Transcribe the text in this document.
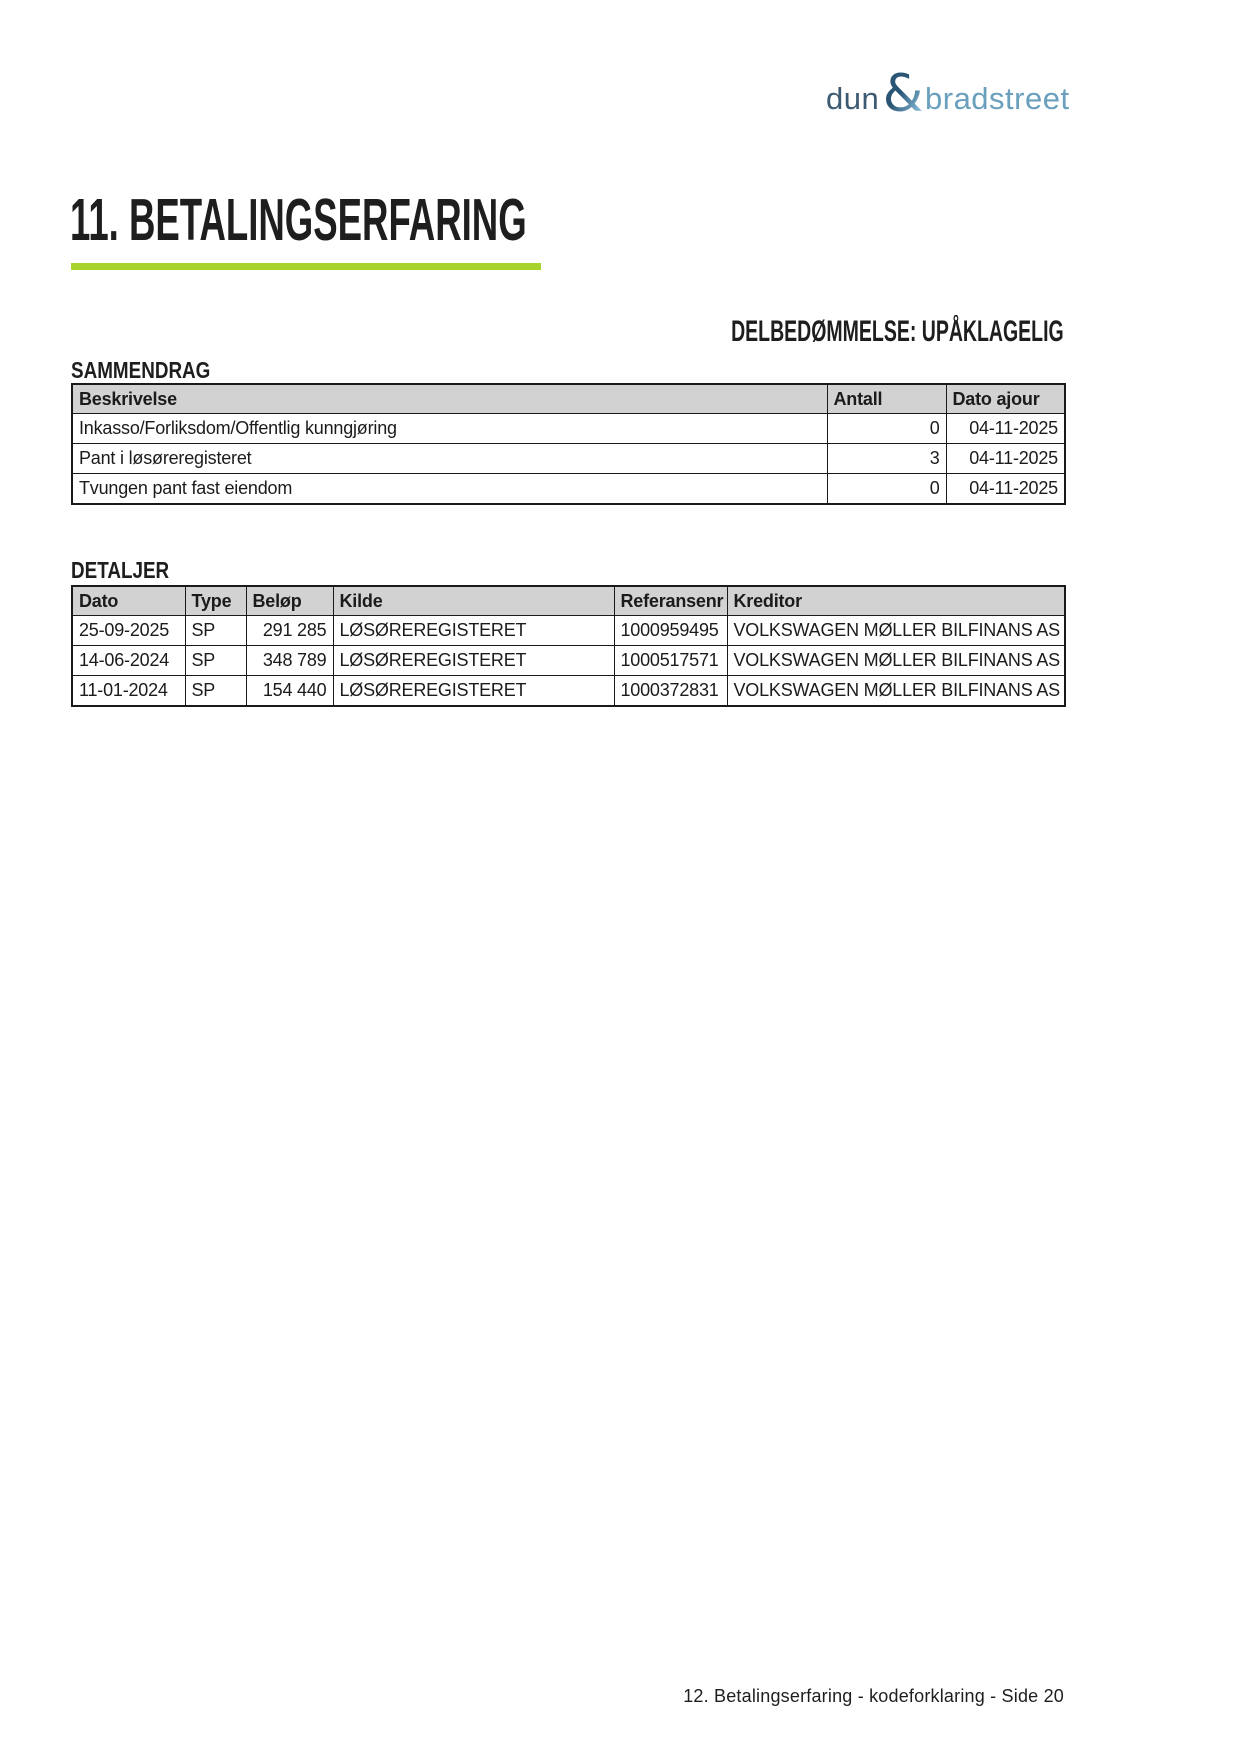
dun & bradstreet
11. BETALINGSERFARING
DELBEDØMMELSE: UPÅKLAGELIG
SAMMENDRAG
Beskrivelse	Antall	Dato ajour
Inkasso/Forliksdom/Offentlig kunngjøring	0	04-11-2025
Pant i løsøreregisteret	3	04-11-2025
Tvungen pant fast eiendom	0	04-11-2025
DETALJER
Dato	Type	Beløp	Kilde	Referansenr	Kreditor
25-09-2025	SP	291 285	LØSØREREGISTERET	1000959495	VOLKSWAGEN MØLLER BILFINANS AS
14-06-2024	SP	348 789	LØSØREREGISTERET	1000517571	VOLKSWAGEN MØLLER BILFINANS AS
11-01-2024	SP	154 440	LØSØREREGISTERET	1000372831	VOLKSWAGEN MØLLER BILFINANS AS
12. Betalingserfaring - kodeforklaring - Side 20
